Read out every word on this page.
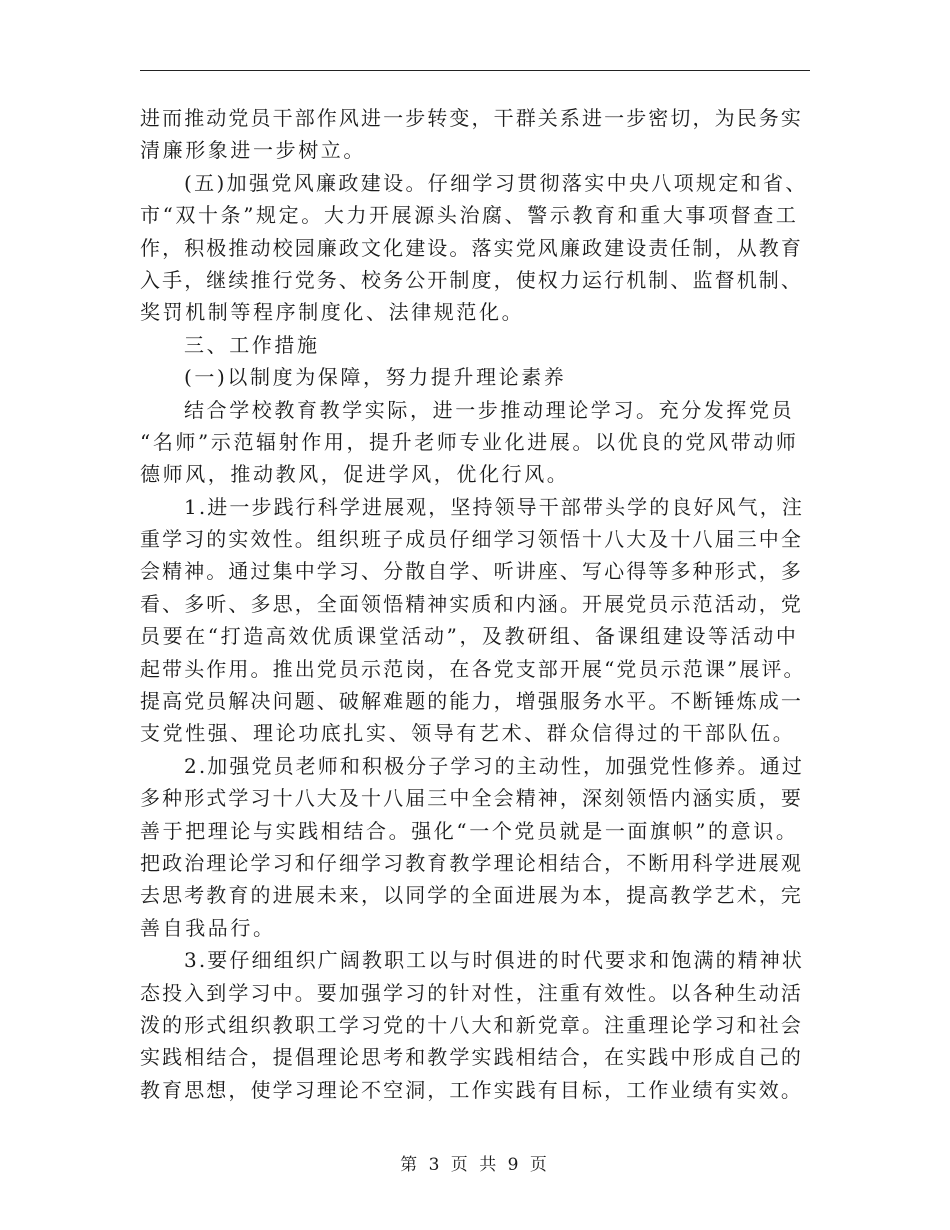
进而推动党员干部作风进一步转变，干群关系进一步密切，为民务实
清廉形象进一步树立。
(五)加强党风廉政建设。仔细学习贯彻落实中央八项规定和省、
市“双十条”规定。大力开展源头治腐、警示教育和重大事项督查工
作，积极推动校园廉政文化建设。落实党风廉政建设责任制，从教育
入手，继续推行党务、校务公开制度，使权力运行机制、监督机制、
奖罚机制等程序制度化、法律规范化。
三、工作措施
(一)以制度为保障，努力提升理论素养
结合学校教育教学实际，进一步推动理论学习。充分发挥党员
“名师”示范辐射作用，提升老师专业化进展。以优良的党风带动师
德师风，推动教风，促进学风，优化行风。
1.进一步践行科学进展观，坚持领导干部带头学的良好风气，注
重学习的实效性。组织班子成员仔细学习领悟十八大及十八届三中全
会精神。通过集中学习、分散自学、听讲座、写心得等多种形式，多
看、多听、多思，全面领悟精神实质和内涵。开展党员示范活动，党
员要在“打造高效优质课堂活动”，及教研组、备课组建设等活动中
起带头作用。推出党员示范岗，在各党支部开展“党员示范课”展评。
提高党员解决问题、破解难题的能力，增强服务水平。不断锤炼成一
支党性强、理论功底扎实、领导有艺术、群众信得过的干部队伍。
2.加强党员老师和积极分子学习的主动性，加强党性修养。通过
多种形式学习十八大及十八届三中全会精神，深刻领悟内涵实质，要
善于把理论与实践相结合。强化“一个党员就是一面旗帜”的意识。
把政治理论学习和仔细学习教育教学理论相结合，不断用科学进展观
去思考教育的进展未来，以同学的全面进展为本，提高教学艺术，完
善自我品行。
3.要仔细组织广阔教职工以与时俱进的时代要求和饱满的精神状
态投入到学习中。要加强学习的针对性，注重有效性。以各种生动活
泼的形式组织教职工学习党的十八大和新党章。注重理论学习和社会
实践相结合，提倡理论思考和教学实践相结合，在实践中形成自己的
教育思想，使学习理论不空洞，工作实践有目标，工作业绩有实效。
第 3 页 共 9 页
